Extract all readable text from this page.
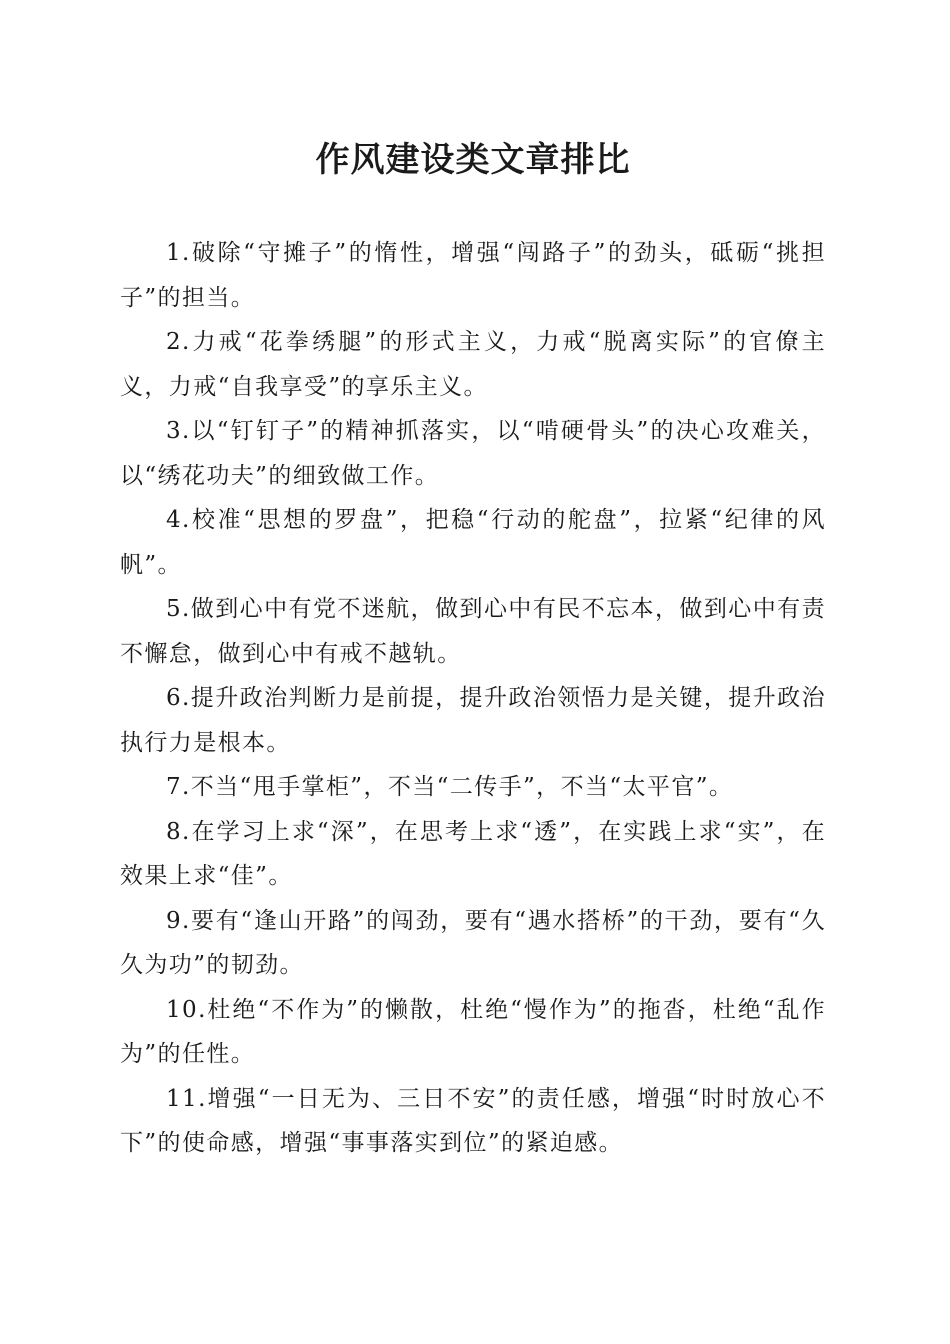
作风建设类文章排比
1.破除“守摊子”的惰性，增强“闯路子”的劲头，砥砺“挑担子”的担当。
2.力戒“花拳绣腿”的形式主义，力戒“脱离实际”的官僚主义，力戒“自我享受”的享乐主义。
3.以“钉钉子”的精神抓落实，以“啃硬骨头”的决心攻难关，以“绣花功夫”的细致做工作。
4.校准“思想的罗盘”，把稳“行动的舵盘”，拉紧“纪律的风帆”。
5.做到心中有党不迷航，做到心中有民不忘本，做到心中有责不懈怠，做到心中有戒不越轨。
6.提升政治判断力是前提，提升政治领悟力是关键，提升政治执行力是根本。
7.不当“甩手掌柜”，不当“二传手”，不当“太平官”。
8.在学习上求“深”，在思考上求“透”，在实践上求“实”，在效果上求“佳”。
9.要有“逢山开路”的闯劲，要有“遇水搭桥”的干劲，要有“久久为功”的韧劲。
10.杜绝“不作为”的懒散，杜绝“慢作为”的拖沓，杜绝“乱作为”的任性。
11.增强“一日无为、三日不安”的责任感，增强“时时放心不下”的使命感，增强“事事落实到位”的紧迫感。
